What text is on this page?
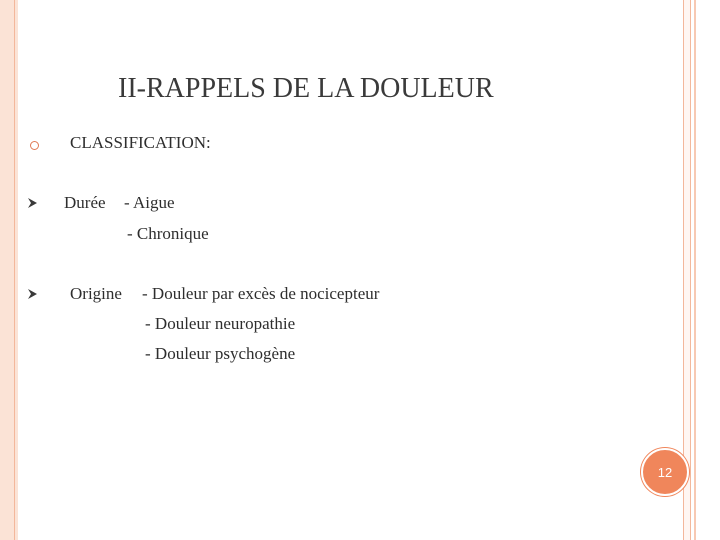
II-RAPPELS DE LA DOULEUR
CLASSIFICATION:
Durée - Aigue
- Chronique
Origine - Douleur par excès de nocicepteur
- Douleur neuropathie
- Douleur psychogène
12
